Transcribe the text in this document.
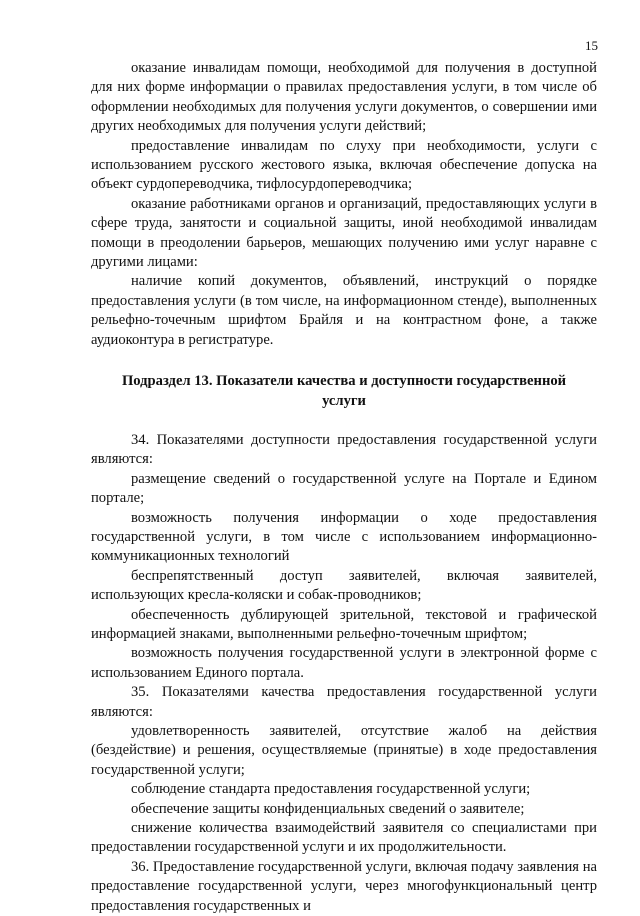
15

оказание инвалидам помощи, необходимой для получения в доступной для них форме информации о правилах предоставления услуги, в том числе об оформлении необходимых для получения услуги документов, о совершении ими других необходимых для получения услуги действий;

предоставление инвалидам по слуху при необходимости, услуги с использованием русского жестового языка, включая обеспечение допуска на объект сурдопереводчика, тифлосурдопереводчика;

оказание работниками органов и организаций, предоставляющих услуги в сфере труда, занятости и социальной защиты, иной необходимой инвалидам помощи в преодолении барьеров, мешающих получению ими услуг наравне с другими лицами:

наличие копий документов, объявлений, инструкций о порядке предоставления услуги (в том числе, на информационном стенде), выполненных рельефно-точечным шрифтом Брайля и на контрастном фоне, а также аудиоконтура в регистратуре.

Подраздел 13. Показатели качества и доступности государственной услуги

34. Показателями доступности предоставления государственной услуги являются:

размещение сведений о государственной услуге на Портале и Едином портале;

возможность получения информации о ходе предоставления государственной услуги, в том числе с использованием информационно-коммуникационных технологий

беспрепятственный доступ заявителей, включая заявителей, использующих кресла-коляски и собак-проводников;

обеспеченность дублирующей зрительной, текстовой и графической информацией знаками, выполненными рельефно-точечным шрифтом;

возможность получения государственной услуги в электронной форме с использованием Единого портала.

35. Показателями качества предоставления государственной услуги являются:

удовлетворенность заявителей, отсутствие жалоб на действия (бездействие) и решения, осуществляемые (принятые) в ходе предоставления государственной услуги;

соблюдение стандарта предоставления государственной услуги;

обеспечение защиты конфиденциальных сведений о заявителе;

снижение количества взаимодействий заявителя со специалистами при предоставлении государственной услуги и их продолжительности.

36. Предоставление государственной услуги, включая подачу заявления на предоставление государственной услуги, через многофункциональный центр предоставления государственных и
